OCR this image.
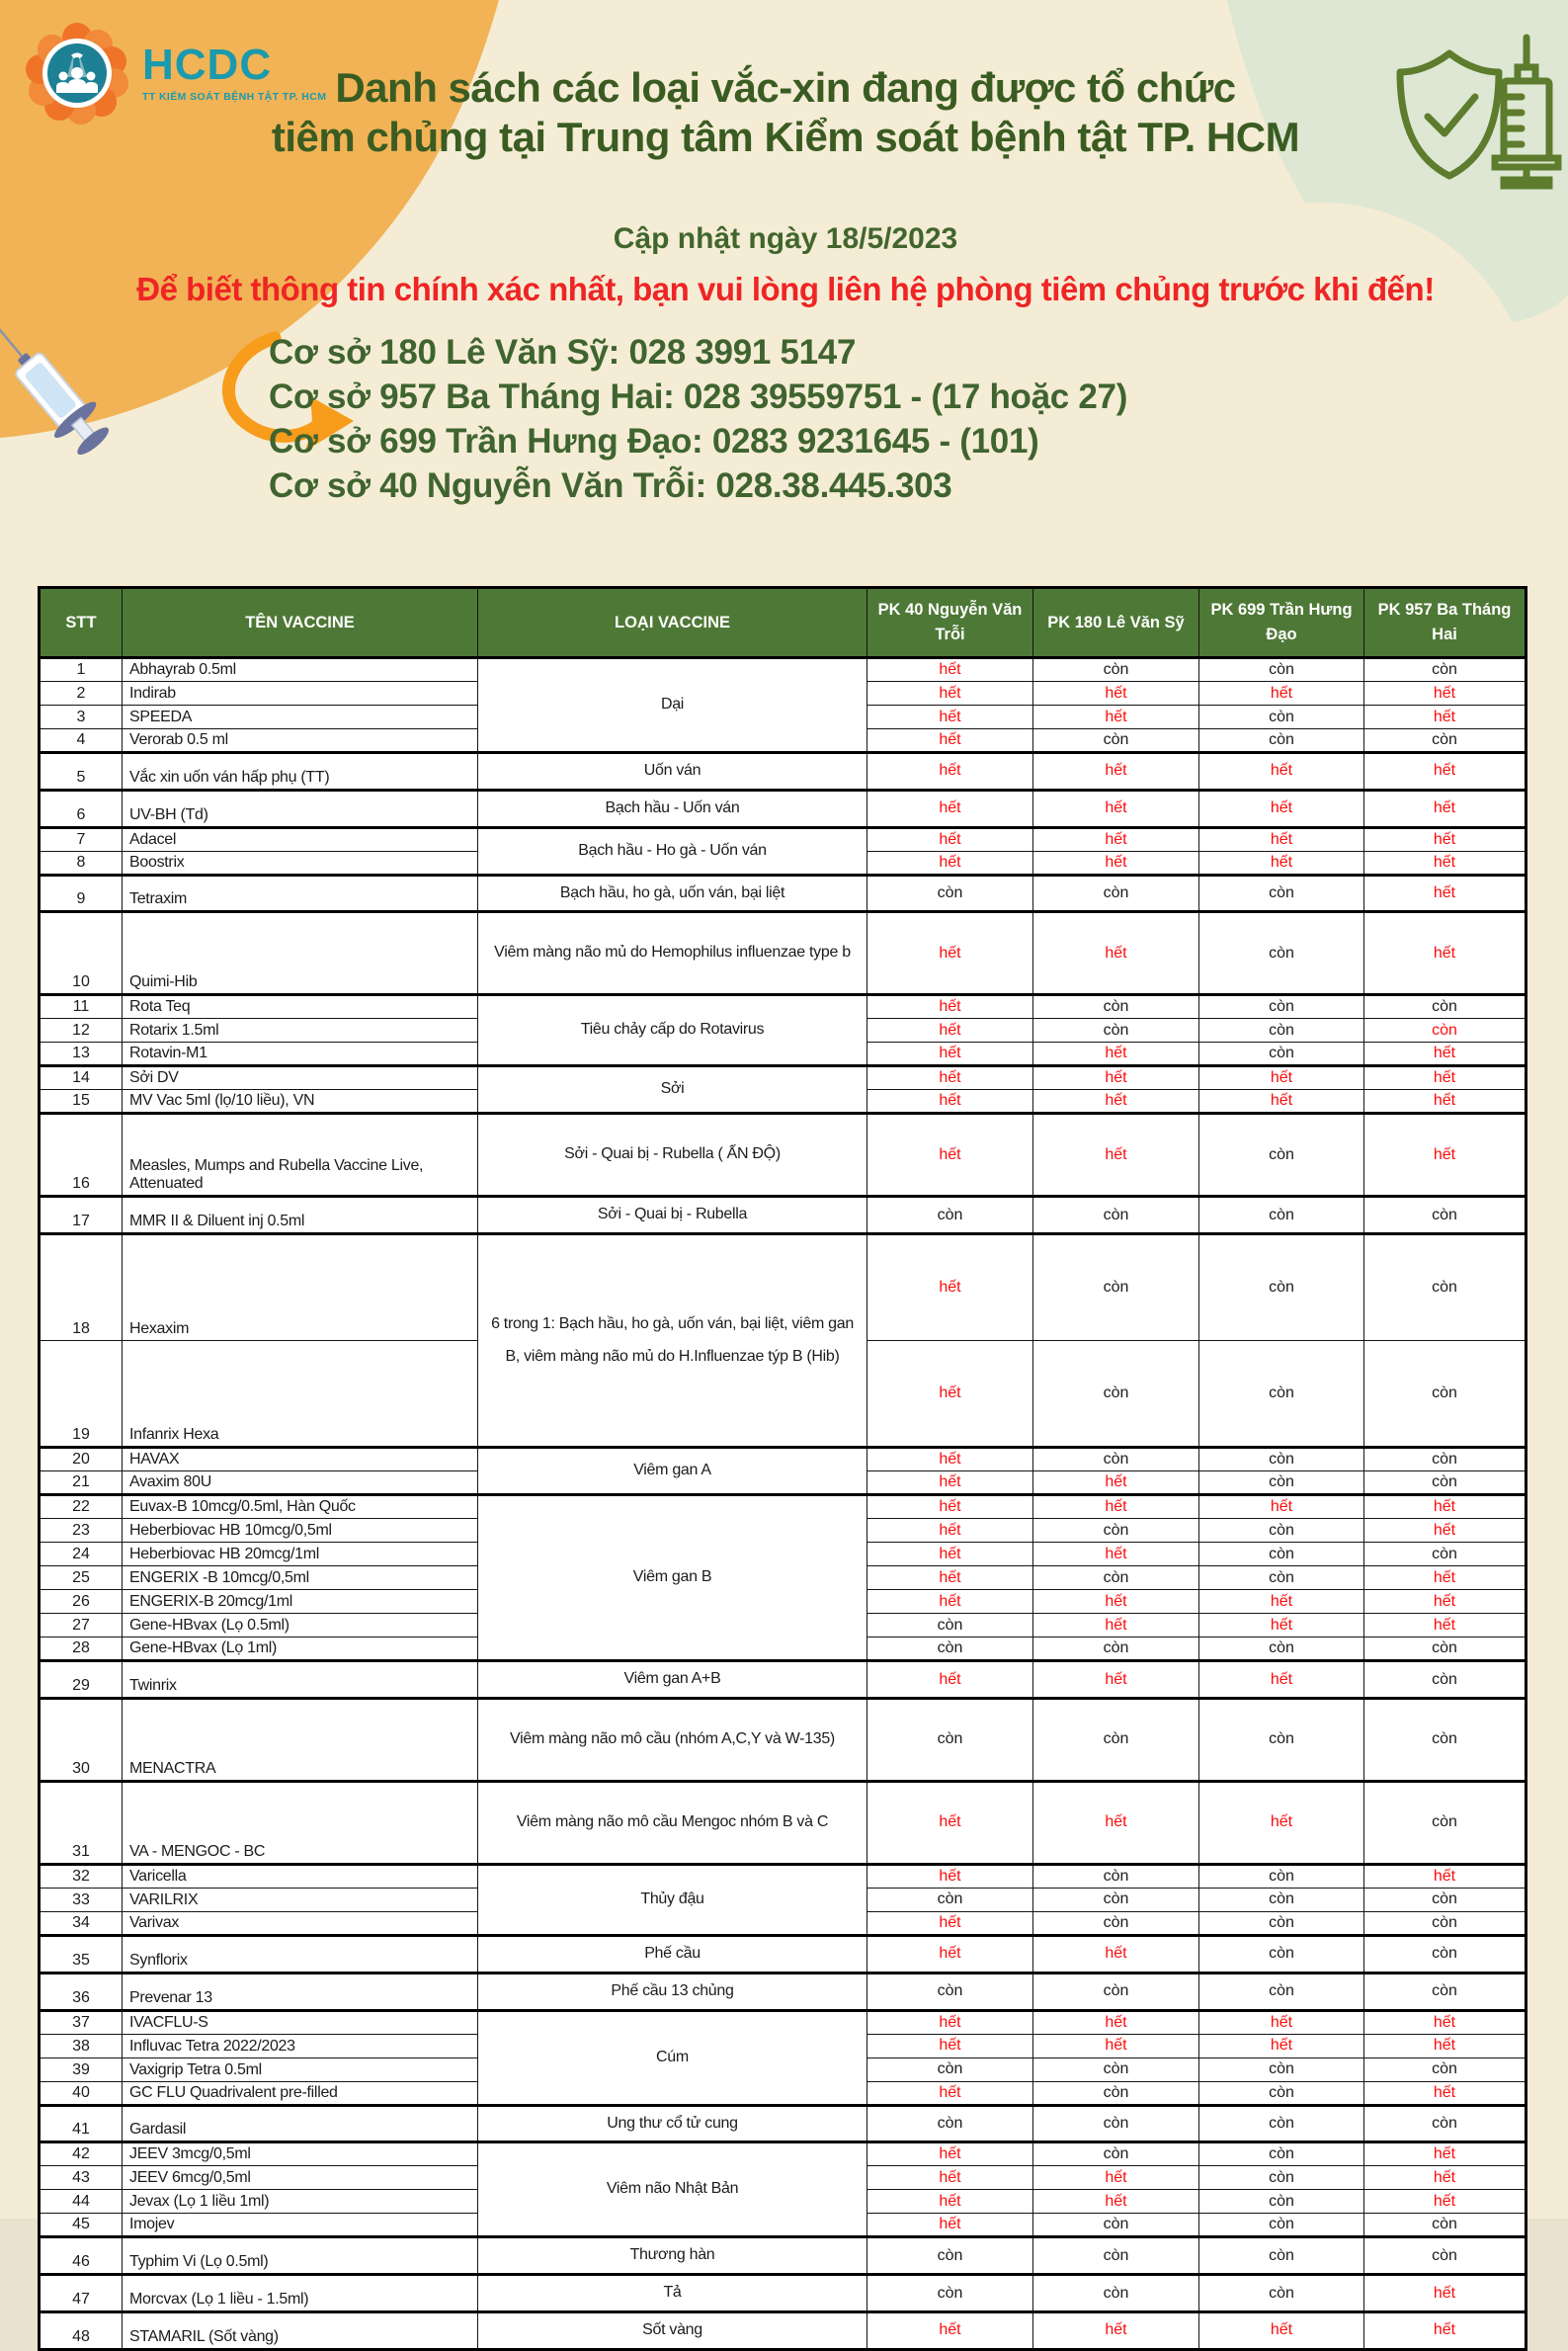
HCDC
TT KIỂM SOÁT BỆNH TẬT TP. HCM Danh sách các loại vắc-xin đang được tổ chức
tiêm chủng tại Trung tâm Kiểm soát bệnh tật TP. HCM
Cập nhật ngày 18/5/2023
Để biết thông tin chính xác nhất, bạn vui lòng liên hệ phòng tiêm chủng trước khi đến!
Cơ sở 180 Lê Văn Sỹ: 028 3991 5147
Cơ sở 957 Ba Tháng Hai: 028 39559751 - (17 hoặc 27)
Cơ sở 699 Trần Hưng Đạo: 0283 9231645 - (101)
Cơ sở 40 Nguyễn Văn Trỗi: 028.38.445.303
STT	TÊN VACCINE	LOẠI VACCINE	PK 40 Nguyễn Văn Trỗi	PK 180 Lê Văn Sỹ	PK 699 Trần Hưng Đạo	PK 957 Ba Tháng Hai
1	Abhayrab 0.5ml	Dại	hết	còn	còn	còn
2	Indirab		hết	hết	hết	hết
3	SPEEDA		hết	hết	còn	hết
4	Verorab 0.5 ml		hết	còn	còn	còn
5	Vắc xin uốn ván hấp phụ (TT)	Uốn ván	hết	hết	hết	hết
6	UV-BH (Td)	Bạch hầu - Uốn ván	hết	hết	hết	hết
7	Adacel	Bạch hầu - Ho gà - Uốn ván	hết	hết	hết	hết
8	Boostrix		hết	hết	hết	hết
9	Tetraxim	Bạch hầu, ho gà, uốn ván, bại liệt	còn	còn	còn	hết
10	Quimi-Hib	Viêm màng não mủ do Hemophilus influenzae type b	hết	hết	còn	hết
11	Rota Teq	Tiêu chảy cấp do Rotavirus	hết	còn	còn	còn
12	Rotarix 1.5ml		hết	còn	còn	còn
13	Rotavin-M1		hết	hết	còn	hết
14	Sởi DV	Sởi	hết	hết	hết	hết
15	MV Vac 5ml (lọ/10 liều), VN		hết	hết	hết	hết
16	Measles, Mumps and Rubella Vaccine Live, Attenuated	Sởi - Quai bị - Rubella ( ẤN ĐỘ)	hết	hết	còn	hết
17	MMR II & Diluent inj 0.5ml	Sởi - Quai bị - Rubella	còn	còn	còn	còn
18	Hexaxim	6 trong 1: Bạch hầu, ho gà, uốn ván, bại liệt, viêm gan B, viêm màng não mủ do H.Influenzae týp B (Hib)	hết	còn	còn	còn
19	Infanrix Hexa		hết	còn	còn	còn
20	HAVAX	Viêm gan A	hết	còn	còn	còn
21	Avaxim 80U		hết	hết	còn	còn
22	Euvax-B 10mcg/0.5ml, Hàn Quốc	Viêm gan B	hết	hết	hết	hết
23	Heberbiovac HB 10mcg/0,5ml		hết	còn	còn	hết
24	Heberbiovac HB 20mcg/1ml		hết	hết	còn	còn
25	ENGERIX -B 10mcg/0,5ml		hết	còn	còn	hết
26	ENGERIX-B 20mcg/1ml		hết	hết	hết	hết
27	Gene-HBvax (Lọ 0.5ml)		còn	hết	hết	hết
28	Gene-HBvax (Lọ 1ml)		còn	còn	còn	còn
29	Twinrix	Viêm gan A+B	hết	hết	hết	còn
30	MENACTRA	Viêm màng não mô cầu (nhóm A,C,Y và W-135)	còn	còn	còn	còn
31	VA - MENGOC - BC	Viêm màng não mô cầu Mengoc nhóm B và C	hết	hết	hết	còn
32	Varicella	Thủy đậu	hết	còn	còn	hết
33	VARILRIX		còn	còn	còn	còn
34	Varivax		hết	còn	còn	còn
35	Synflorix	Phế cầu	hết	hết	còn	còn
36	Prevenar 13	Phế cầu 13 chủng	còn	còn	còn	còn
37	IVACFLU-S	Cúm	hết	hết	hết	hết
38	Influvac Tetra 2022/2023		hết	hết	hết	hết
39	Vaxigrip Tetra 0.5ml		còn	còn	còn	còn
40	GC FLU Quadrivalent pre-filled		hết	còn	còn	hết
41	Gardasil	Ung thư cổ tử cung	còn	còn	còn	còn
42	JEEV 3mcg/0,5ml	Viêm não Nhật Bản	hết	còn	còn	hết
43	JEEV 6mcg/0,5ml		hết	hết	còn	hết
44	Jevax (Lọ 1 liều 1ml)		hết	hết	còn	hết
45	Imojev		hết	còn	còn	còn
46	Typhim Vi (Lọ 0.5ml)	Thương hàn	còn	còn	còn	còn
47	Morcvax (Lọ 1 liều - 1.5ml)	Tả	còn	còn	còn	hết
48	STAMARIL (Sốt vàng)	Sốt vàng	hết	hết	hết	hết
